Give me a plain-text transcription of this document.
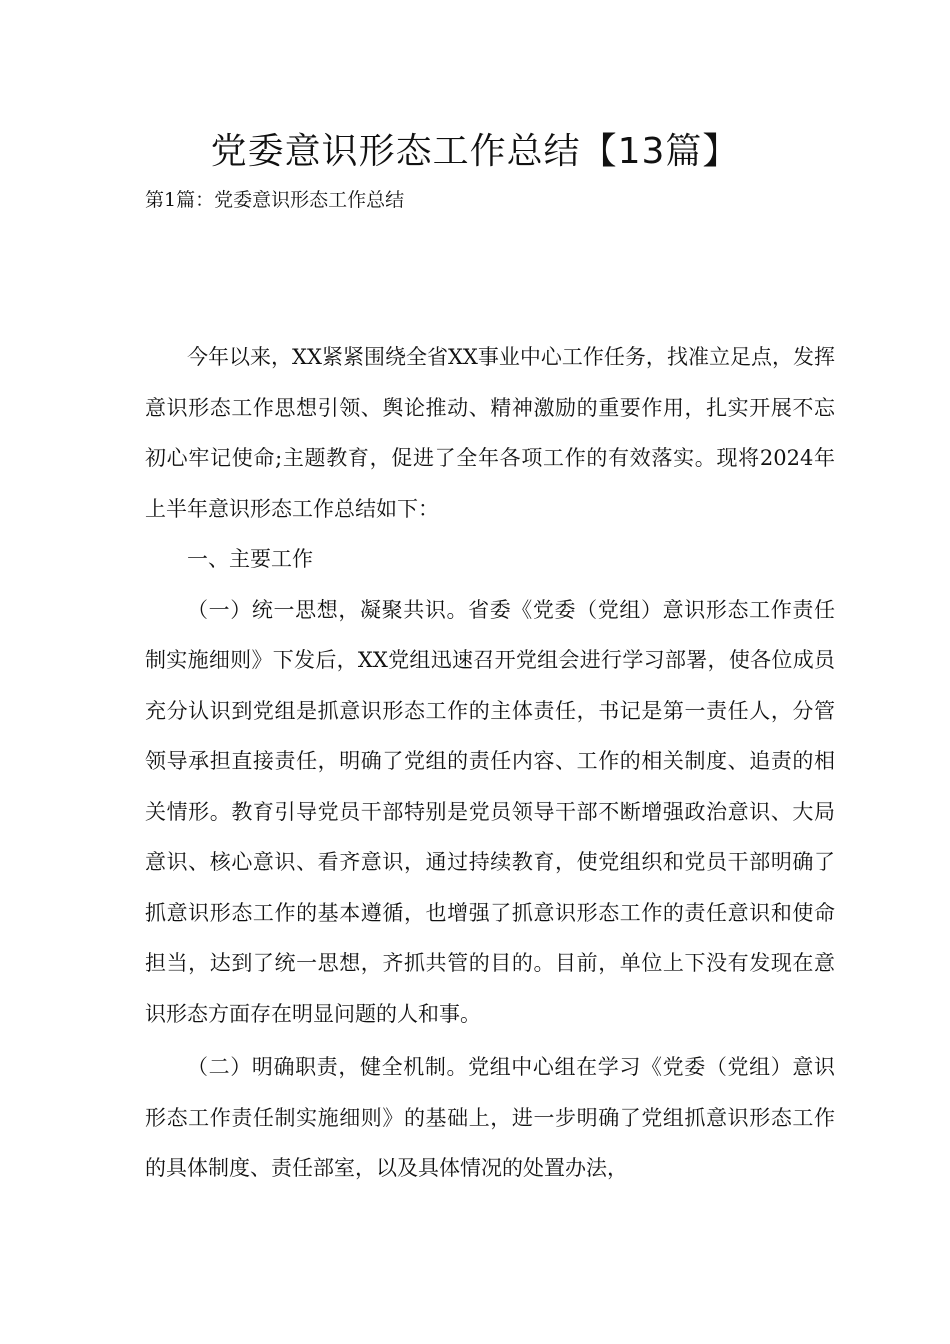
党委意识形态工作总结【13篇】

第1篇：党委意识形态工作总结

今年以来，XX紧紧围绕全省XX事业中心工作任务，找准立足点，发挥意识形态工作思想引领、舆论推动、精神激励的重要作用，扎实开展不忘初心牢记使命;主题教育，促进了全年各项工作的有效落实。现将2024年上半年意识形态工作总结如下：

一、主要工作

（一）统一思想，凝聚共识。省委《党委（党组）意识形态工作责任制实施细则》下发后，XX党组迅速召开党组会进行学习部署，使各位成员充分认识到党组是抓意识形态工作的主体责任，书记是第一责任人，分管领导承担直接责任，明确了党组的责任内容、工作的相关制度、追责的相关情形。教育引导党员干部特别是党员领导干部不断增强政治意识、大局意识、核心意识、看齐意识，通过持续教育，使党组织和党员干部明确了抓意识形态工作的基本遵循，也增强了抓意识形态工作的责任意识和使命担当，达到了统一思想，齐抓共管的目的。目前，单位上下没有发现在意识形态方面存在明显问题的人和事。

（二）明确职责，健全机制。党组中心组在学习《党委（党组）意识形态工作责任制实施细则》的基础上，进一步明确了党组抓意识形态工作的具体制度、责任部室，以及具体情况的处置办法，
